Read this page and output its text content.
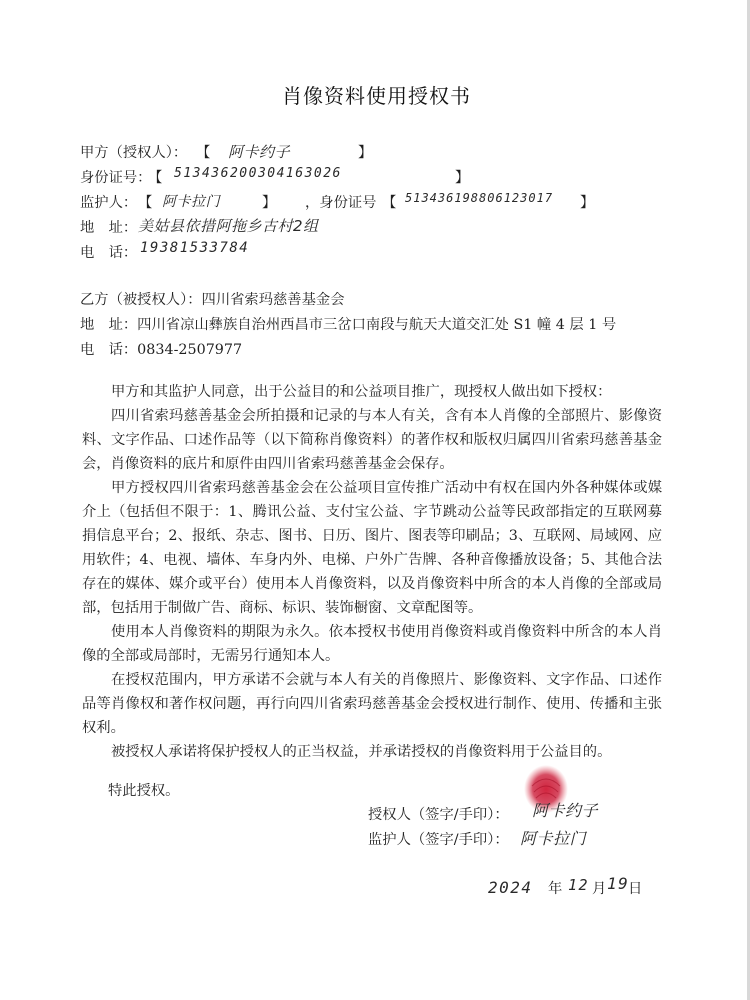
肖像资料使用授权书
甲方（授权人）： 【 阿卡约子	】
身份证号：
【 513436200304163026	】
监护人： 【 阿卡拉门	】 ，身份证号 【 513436198806123017 】
地　址： 美姑县依措阿拖乡古村2组
电　话： 19381533784
乙方（被授权人）：四川省索玛慈善基金会
地　址：四川省凉山彝族自治州西昌市三岔口南段与航天大道交汇处 S1 幢 4 层 1 号
电　话：0834-2507977

甲方和其监护人同意，出于公益目的和公益项目推广，现授权人做出如下授权：

四川省索玛慈善基金会所拍摄和记录的与本人有关，含有本人肖像的全部照片、影像资料、文字作品、口述作品等（以下简称肖像资料）的著作权和版权归属四川省索玛慈善基金会，肖像资料的底片和原件由四川省索玛慈善基金会保存。

甲方授权四川省索玛慈善基金会在公益项目宣传推广活动中有权在国内外各种媒体或媒介上（包括但不限于：1、腾讯公益、支付宝公益、字节跳动公益等民政部指定的互联网募捐信息平台；2、报纸、杂志、图书、日历、图片、图表等印刷品；3、互联网、局域网、应用软件；4、电视、墙体、车身内外、电梯、户外广告牌、各种音像播放设备；5、其他合法存在的媒体、媒介或平台）使用本人肖像资料，以及肖像资料中所含的本人肖像的全部或局部，包括用于制做广告、商标、标识、装饰橱窗、文章配图等。

使用本人肖像资料的期限为永久。依本授权书使用肖像资料或肖像资料中所含的本人肖像的全部或局部时，无需另行通知本人。

在授权范围内，甲方承诺不会就与本人有关的肖像照片、影像资料、文字作品、口述作品等肖像权和著作权问题，再行向四川省索玛慈善基金会授权进行制作、使用、传播和主张权利。

被授权人承诺将保护授权人的正当权益，并承诺授权的肖像资料用于公益目的。

特此授权。
授权人（签字/手印）： 阿卡约子
监护人（签字/手印）： 阿卡拉门
2024 年 12 月 19
日
